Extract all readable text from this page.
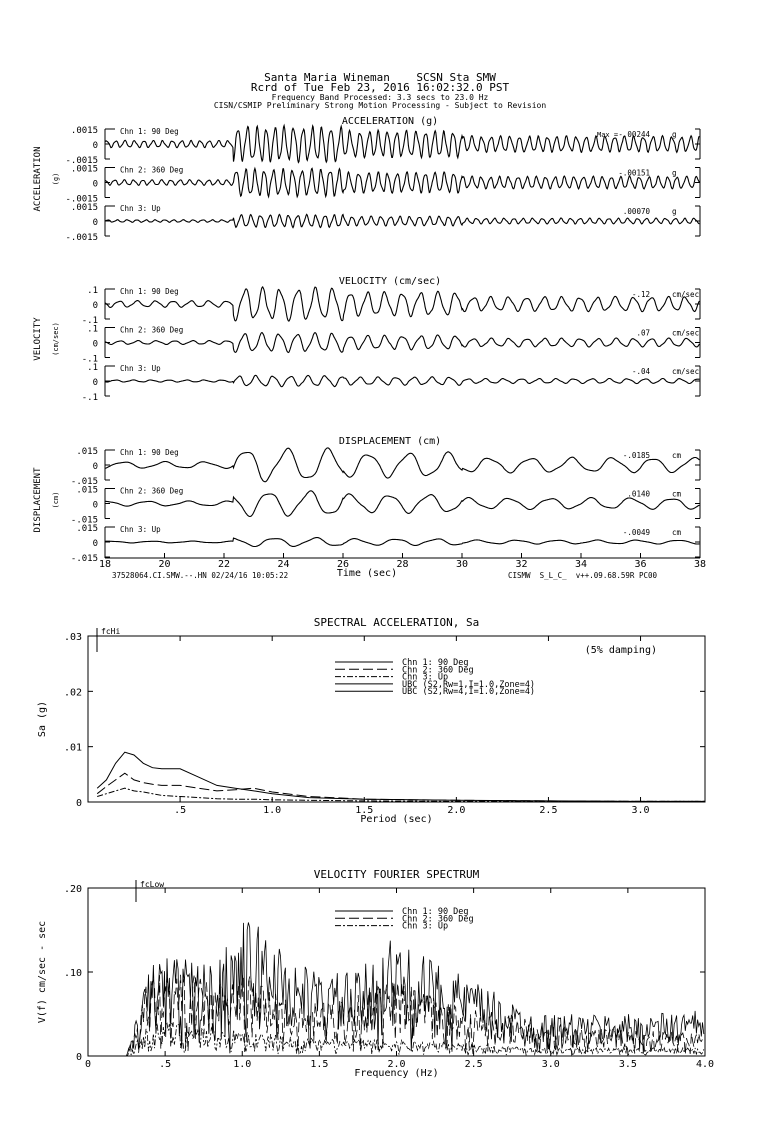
Santa Maria Wineman    SCSN Sta SMW
Rcrd of Tue Feb 23, 2016 16:02:32.0 PST
Frequency Band Processed: 3.3 secs to 23.0 Hz
CISN/CSMIP Preliminary Strong Motion Processing - Subject to Revision
ACCELERATION (g)
ACCELERATION (g)
.0015
0
-.0015
Chn 1: 90 Deg	Max = -.00244	g
.0015
0
-.0015
Chn 2: 360 Deg	-.00151	g
.0015
0
-.0015
Chn 3: Up	.00070	g
VELOCITY (cm/sec)
VELOCITY (cm/sec)
.1
0
-.1
Chn 1: 90 Deg	-.12	cm/sec
.1
0
-.1
Chn 2: 360 Deg	.07	cm/sec
.1
0
-.1
Chn 3: Up	-.04	cm/sec
DISPLACEMENT (cm)
DISPLACEMENT (cm)
.015
0
-.015
Chn 1: 90 Deg	-.0185	cm
.015
0
-.015
Chn 2: 360 Deg	.0140	cm
.015
0
-.015
Chn 3: Up	-.0049	cm
18	20	22	24	26	28	30	32	34	36	38
Time (sec)
37528064.CI.SMW.--.HN 02/24/16 10:05:22	CISMW  S_L_C_  v++.09.68.59R PC00
SPECTRAL ACCELERATION, Sa
Period (sec)
Sa (g)
.5	1.0	1.5	2.0	2.5	3.0
0
.01
.02
.03
fcHi
(5% damping)
Chn 1: 90 Deg
Chn 2: 360 Deg
Chn 3: Up
UBC (S2,Rw=1,I=1.0,Zone=4)
UBC (S2,Rw=4,I=1.0,Zone=4)
VELOCITY FOURIER SPECTRUM
Frequency (Hz)
V(f) cm/sec - sec
0	.5	1.0	1.5	2.0	2.5	3.0	3.5	4.0
0
.10
.20	fcLow
Chn 1: 90 Deg
Chn 2: 360 Deg
Chn 3: Up
